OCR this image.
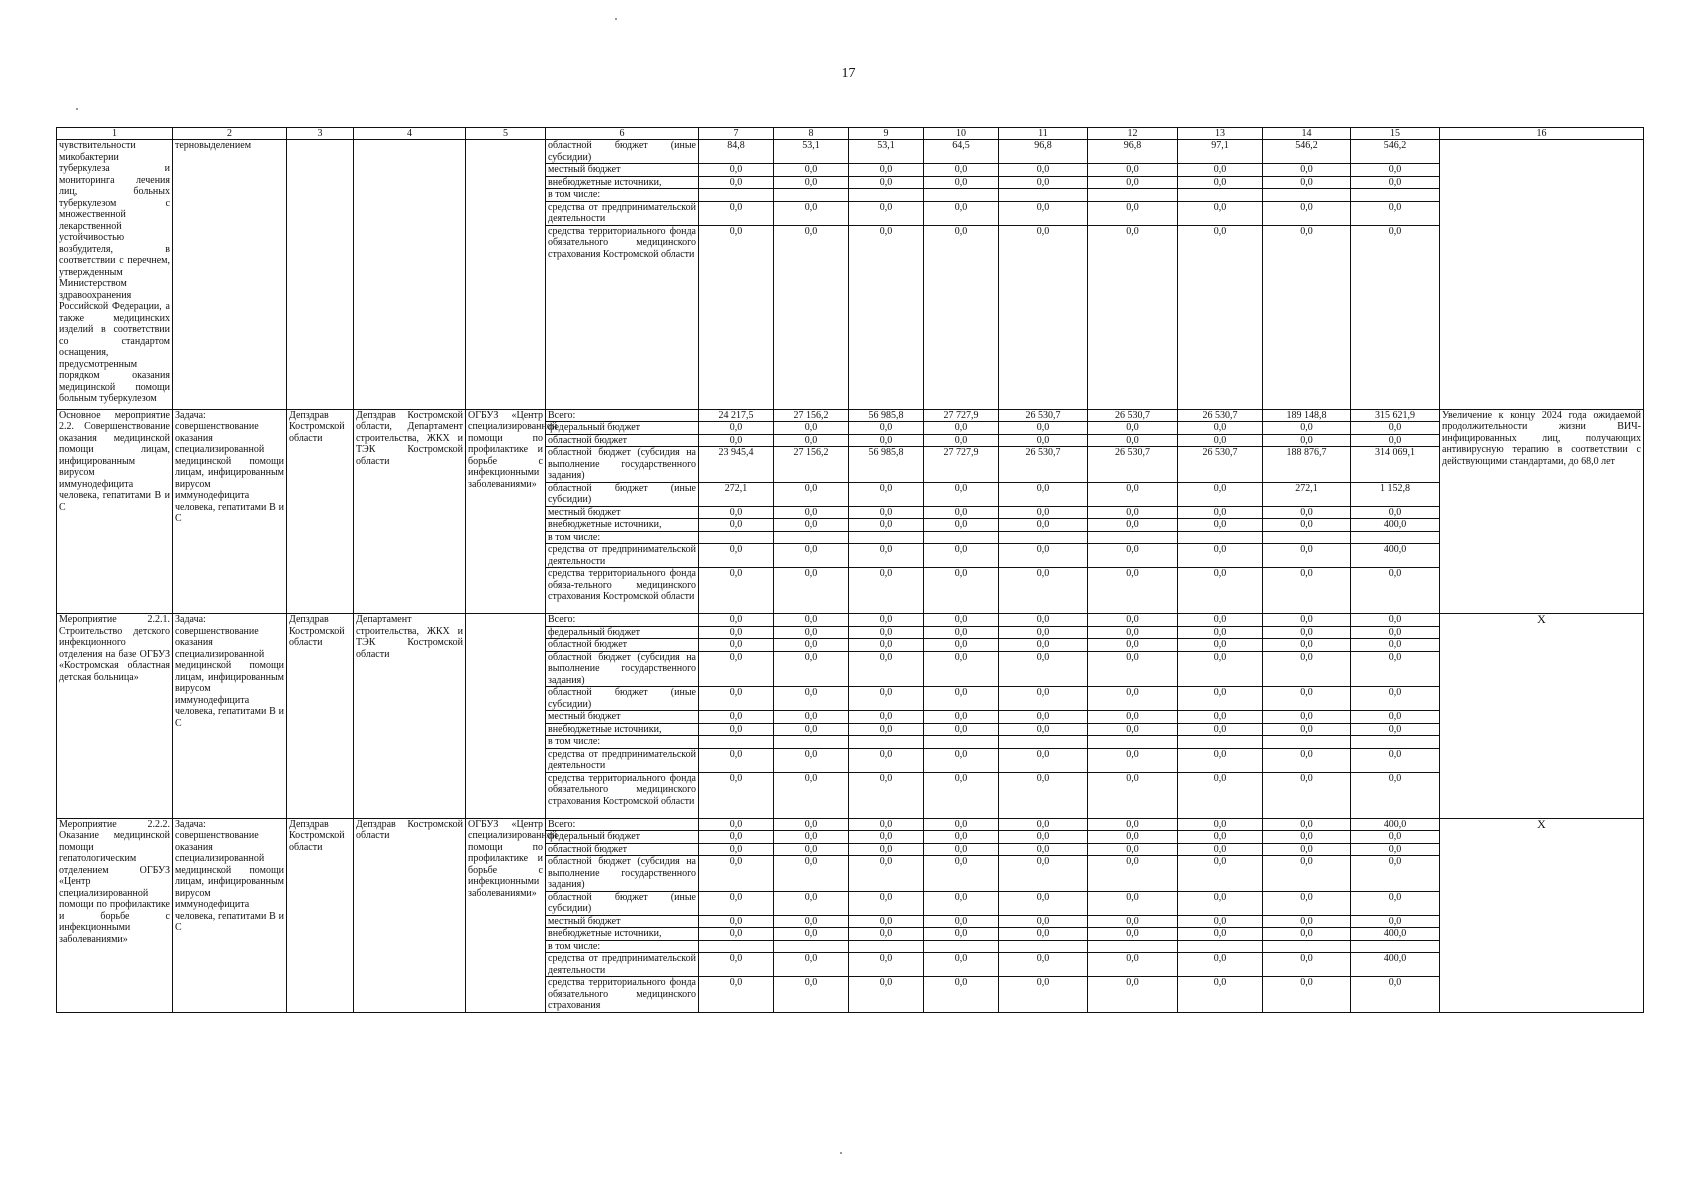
17
1	2	3	4	5	6	7	8	9	10	11	12	13	14	15	16
чувствительности микобактерии туберкулеза и мониторинга лечения лиц, больных туберкулезом с множественной лекарственной устойчивостью возбудителя, в соответствии с перечнем, утвержденным Министерством здравоохранения Российской Федерации, а также медицинских изделий в соответствии со стандартом оснащения, предусмотренным порядком оказания медицинской помощи больным туберкулезом	тернoвыделением				областной бюджет (иные субсидии)	84,8	53,1	53,1	64,5	96,8	96,8	97,1	546,2	546,2	
					местный бюджет	0,0	0,0	0,0	0,0	0,0	0,0	0,0	0,0	0,0	
					внебюджетные источники,	0,0	0,0	0,0	0,0	0,0	0,0	0,0	0,0	0,0	
					в том числе:										
					средства от предпринимательской деятельности	0,0	0,0	0,0	0,0	0,0	0,0	0,0	0,0	0,0	
					средства территориального фонда обязательного медицинского страхования Костромской области	0,0	0,0	0,0	0,0	0,0	0,0	0,0	0,0	0,0	
Основное мероприятие 2.2. Совершенствование оказания медицинской помощи лицам, инфицированным вирусом иммунодефицита человека, гепатитами В и С	Задача: совершенствование оказания специализированной медицинской помощи лицам, инфицированным вирусом иммунодефицита человека, гепатитами В и С	Депздрав Костромской области	Депздрав Костромской области, Департамент строительства, ЖКХ и ТЭК Костромской области	ОГБУЗ «Центр специализированной помощи по профилактике и борьбе с инфекционными заболеваниями»	Всего:	24 217,5	27 156,2	56 985,8	27 727,9	26 530,7	26 530,7	26 530,7	189 148,8	315 621,9	Увеличение к концу 2024 года ожидаемой продолжительности жизни ВИЧ-инфицированных лиц, получающих антивирусную терапию в соответствии с действующими стандартами, до 68,0 лет
					федеральный бюджет	0,0	0,0	0,0	0,0	0,0	0,0	0,0	0,0	0,0	
					областной бюджет	0,0	0,0	0,0	0,0	0,0	0,0	0,0	0,0	0,0	
					областной бюджет (субсидия на выполнение государственного задания)	23 945,4	27 156,2	56 985,8	27 727,9	26 530,7	26 530,7	26 530,7	188 876,7	314 069,1	
					областной бюджет (иные субсидии)	272,1	0,0	0,0	0,0	0,0	0,0	0,0	272,1	1 152,8	
					местный бюджет	0,0	0,0	0,0	0,0	0,0	0,0	0,0	0,0	0,0	
					внебюджетные источники,	0,0	0,0	0,0	0,0	0,0	0,0	0,0	0,0	400,0	
					в том числе:										
					средства от предпринимательской деятельности	0,0	0,0	0,0	0,0	0,0	0,0	0,0	0,0	400,0	
					средства территориального фонда обяза-тельного медицинского страхования Костромской области	0,0	0,0	0,0	0,0	0,0	0,0	0,0	0,0	0,0	
Мероприятие 2.2.1. Строительство детского инфекционного отделения на базе ОГБУЗ «Костромская областная детская больница»	Задача: совершенствование оказания специализированной медицинской помощи лицам, инфицированным вирусом иммунодефицита человека, гепатитами В и С	Депздрав Костромской области	Департамент строительства, ЖКХ и ТЭК Костромской области		Всего:	0,0	0,0	0,0	0,0	0,0	0,0	0,0	0,0	0,0	Х
					федеральный бюджет	0,0	0,0	0,0	0,0	0,0	0,0	0,0	0,0	0,0	
					областной бюджет	0,0	0,0	0,0	0,0	0,0	0,0	0,0	0,0	0,0	
					областной бюджет (субсидия на выполнение государственного задания)	0,0	0,0	0,0	0,0	0,0	0,0	0,0	0,0	0,0	
					областной бюджет (иные субсидии)	0,0	0,0	0,0	0,0	0,0	0,0	0,0	0,0	0,0	
					местный бюджет	0,0	0,0	0,0	0,0	0,0	0,0	0,0	0,0	0,0	
					внебюджетные источники,	0,0	0,0	0,0	0,0	0,0	0,0	0,0	0,0	0,0	
					в том числе:										
					средства от предпринимательской деятельности	0,0	0,0	0,0	0,0	0,0	0,0	0,0	0,0	0,0	
					средства территориального фонда обязательного медицинского страхования Костромской области	0,0	0,0	0,0	0,0	0,0	0,0	0,0	0,0	0,0	
Мероприятие 2.2.2. Оказание медицинской помощи гепатологическим отделением ОГБУЗ «Центр специализированной помощи по профилактике и борьбе с инфекционными заболеваниями»	Задача: совершенствование оказания специализированной медицинской помощи лицам, инфицированным вирусом иммунодефицита человека, гепатитами В и С	Депздрав Костромской области	Депздрав Костромской области	ОГБУЗ «Центр специализированной помощи по профилактике и борьбе с инфекционными заболеваниями»	Всего:	0,0	0,0	0,0	0,0	0,0	0,0	0,0	0,0	400,0	Х
					федеральный бюджет	0,0	0,0	0,0	0,0	0,0	0,0	0,0	0,0	0,0	
					областной бюджет	0,0	0,0	0,0	0,0	0,0	0,0	0,0	0,0	0,0	
					областной бюджет (субсидия на выполнение государственного задания)	0,0	0,0	0,0	0,0	0,0	0,0	0,0	0,0	0,0	
					областной бюджет (иные субсидии)	0,0	0,0	0,0	0,0	0,0	0,0	0,0	0,0	0,0	
					местный бюджет	0,0	0,0	0,0	0,0	0,0	0,0	0,0	0,0	0,0	
					внебюджетные источники,	0,0	0,0	0,0	0,0	0,0	0,0	0,0	0,0	400,0	
					в том числе:										
					средства от предпринимательской деятельности	0,0	0,0	0,0	0,0	0,0	0,0	0,0	0,0	400,0	
					средства территориального фонда обязательного медицинского страхования	0,0	0,0	0,0	0,0	0,0	0,0	0,0	0,0	0,0	
